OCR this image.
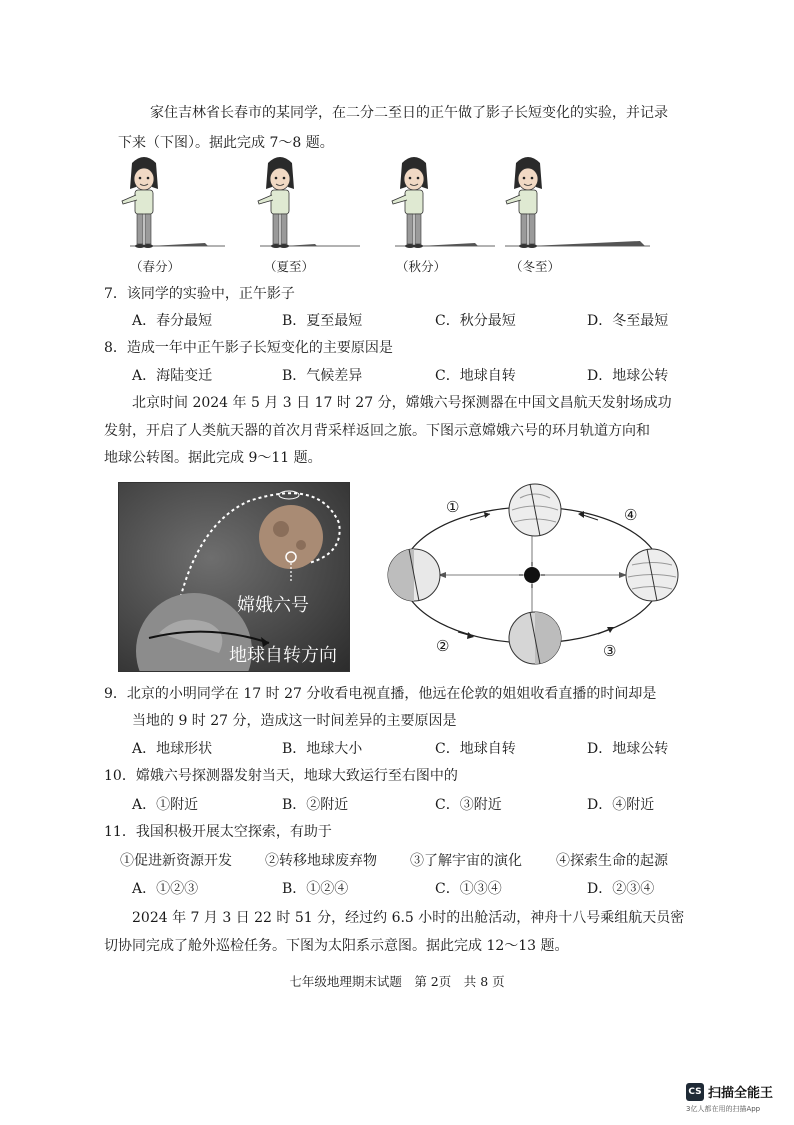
家住吉林省长春市的某同学，在二分二至日的正午做了影子长短变化的实验，并记录
下来（下图）。据此完成 7～8 题。
（春分）	（夏至）	（秋分）	（冬至）
7．该同学的实验中，正午影子
A．春分最短	B．夏至最短	C．秋分最短	D．冬至最短
8．造成一年中正午影子长短变化的主要原因是
A．海陆变迁	B．气候差异	C．地球自转	D．地球公转
北京时间 2024 年 5 月 3 日 17 时 27 分，嫦娥六号探测器在中国文昌航天发射场成功
发射，开启了人类航天器的首次月背采样返回之旅。下图示意嫦娥六号的环月轨道方向和
地球公转图。据此完成 9～11 题。
嫦娥六号
地球自转方向
①
②	③
④
9．北京的小明同学在 17 时 27 分收看电视直播，他远在伦敦的姐姐收看直播的时间却是
当地的 9 时 27 分，造成这一时间差异的主要原因是
A．地球形状	B．地球大小	C．地球自转	D．地球公转
10．嫦娥六号探测器发射当天，地球大致运行至右图中的
A．①附近	B．②附近	C．③附近	D．④附近
11．我国积极开展太空探索，有助于
①促进新资源开发 ②转移地球废弃物 ③了解宇宙的演化 ④探索生命的起源
A．①②③	B．①②④	C．①③④	D．②③④
2024 年 7 月 3 日 22 时 51 分，经过约 6.5 小时的出舱活动，神舟十八号乘组航天员密
切协同完成了舱外巡检任务。下图为太阳系示意图。据此完成 12～13 题。
七年级地理期末试题　第 2页　共 8 页
CS 扫描全能王
3亿人都在用的扫描App
